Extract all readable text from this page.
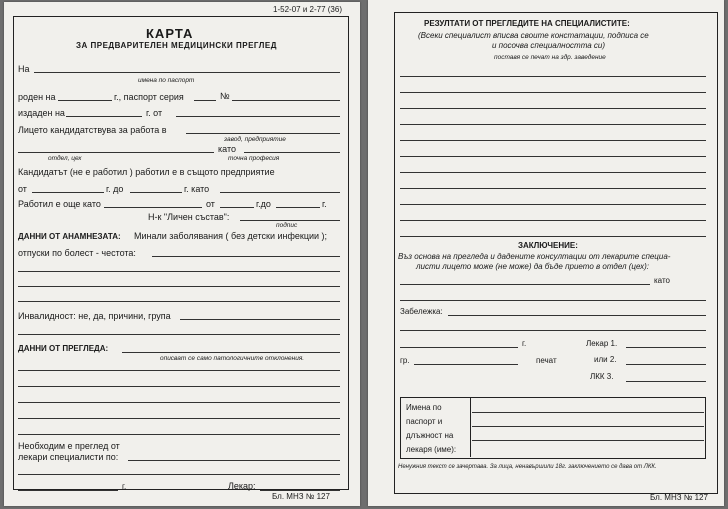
1-52-07 и 2-77 (36)
КАРТА
ЗА ПРЕДВАРИТЕЛЕН МЕДИЦИНСКИ ПРЕГЛЕД
На
имена по паспорт
роден на	г., паспорт серия	№
издаден на	г. от
Лицето кандидатствува за работа в
завод, предприятие
като
отдел, цех	точна професия
Кандидатът (не е работил ) работил е в същото предприятие
от	г. до	г. като
Работил е още като	от	г.до	г.
Н-к "Личен състав":
подпис
ДАННИ ОТ АНАМНЕЗАТА: Минали заболявания ( без детски инфекции );
отпуски по болест - честота:
Инвалидност: не, да, причини, група
ДАННИ ОТ ПРЕГЛЕДА:
описват се само патологичните отклонения.
Необходим е преглед от
лекари специалисти по:
г.	Лекар:
Бл. МНЗ № 127
РЕЗУЛТАТИ ОТ ПРЕГЛЕДИТЕ НА СПЕЦИАЛИСТИТЕ:
(Всеки специалист вписва своите констатации, подписа се
и посочва специалността си)
поставя се печат на здр. заведение
ЗАКЛЮЧЕНИЕ:
Въз основа на прегледа и дадените консултации от лекарите специа-
листи лицето може (не може) да бъде прието в отдел (цех):
като
Забележка:
г.	Лекар 1.
гр.	печат	или 2.
ЛКК 3.
Имена по
паспорт и
длъжност на
лекаря (име):
Ненужния текст се зачертава. За лица, ненавършили 18г. заключението се дава от ЛКК.
Бл. МНЗ № 127
